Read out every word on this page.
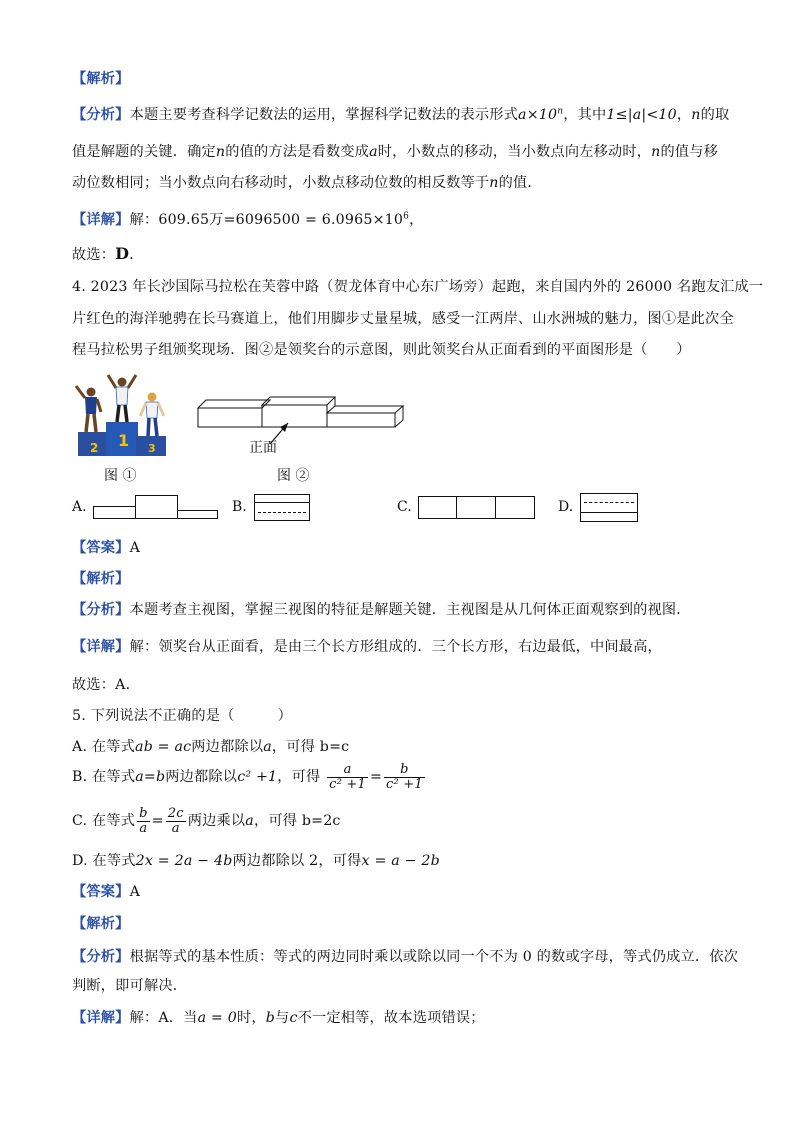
【解析】
【分析】本题主要考查科学记数法的运用，掌握科学记数法的表示形式$a\times 10^n$，其中1≤|a|<10，n的取
值是解题的关键．确定n的值的方法是看数变成a时，小数点的移动，当小数点向左移动时，n的值与移
动位数相同；当小数点向右移动时，小数点移动位数的相反数等于n的值．
【详解】解：609.65万$=6096500 = 6.0965\times 10^6$，
故选：D．
4. 2023 年长沙国际马拉松在芙蓉中路（贺龙体育中心东广场旁）起跑，来自国内外的 26000 名跑友汇成一
片红色的海洋驰骋在长马赛道上，他们用脚步丈量星城，感受一江两岸、山水洲城的魅力，图①是此次全
程马拉松男子组颁奖现场．图②是领奖台的示意图，则此领奖台从正面看到的平面图形是（　　）
2 1 3
图 ①
正面
图 ②
A.	B.	C.	D.
【答案】A
【解析】
【分析】本题考查主视图，掌握三视图的特征是解题关键．主视图是从几何体正面观察到的视图．
【详解】解：领奖台从正面看，是由三个长方形组成的．三个长方形，右边最低，中间最高，
故选：A．
5. 下列说法不正确的是（　　　）
A. 在等式ab = ac两边都除以a，可得 b=c
B. 在等式a=b两边都除以c² +1，可得 $\frac{a}{\text{c² +1}} = \frac{b}{\text{c² +1}}$
C. 在等式 $\frac{b}{a} = \frac{2c}{a}$ 两边乘以a，可得 b=2c
D. 在等式2x = 2a − 4b两边都除以 2，可得x = a − 2b
【答案】A
【解析】
【分析】根据等式的基本性质：等式的两边同时乘以或除以同一个不为 0 的数或字母，等式仍成立．依次
判断，即可解决．
【详解】解：A．当a = 0时，b与c不一定相等，故本选项错误；
